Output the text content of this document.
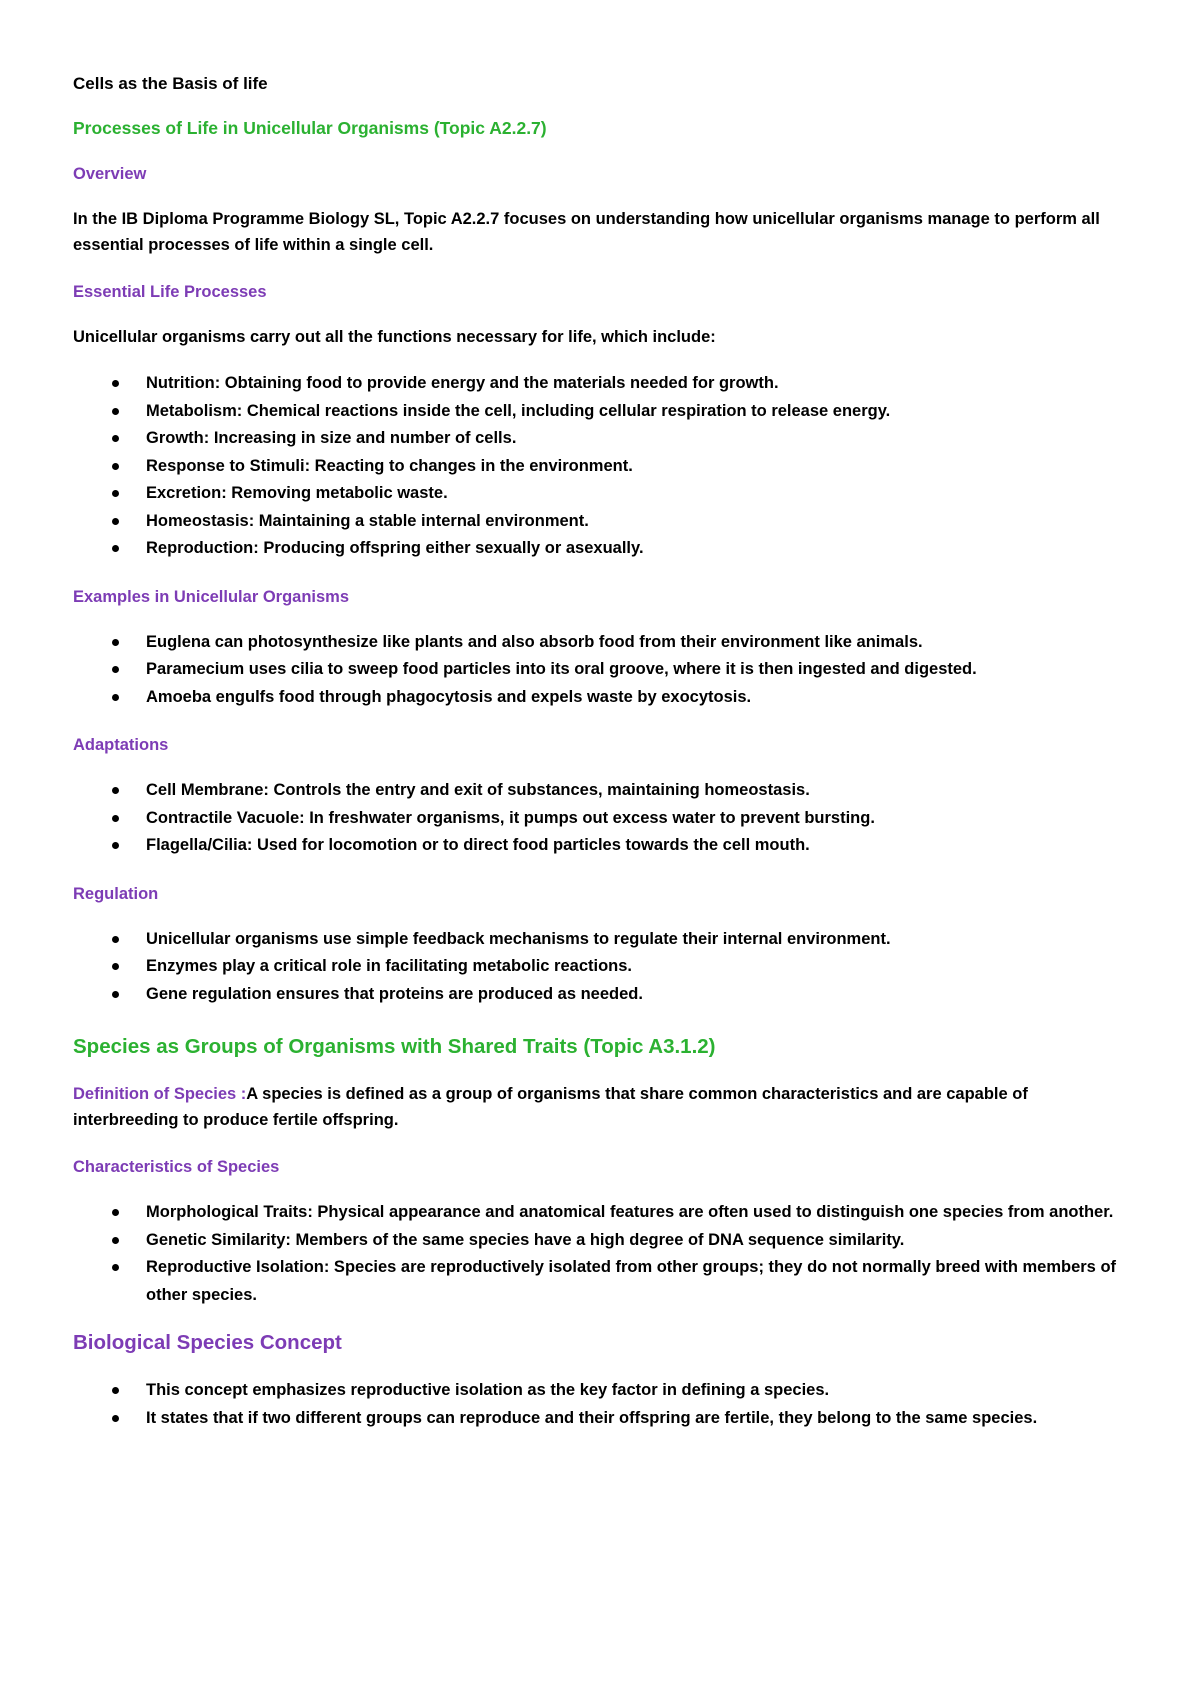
Cells as the Basis of life
Processes of Life in Unicellular Organisms (Topic A2.2.7)
Overview
In the IB Diploma Programme Biology SL, Topic A2.2.7 focuses on understanding how unicellular organisms manage to perform all essential processes of life within a single cell.
Essential Life Processes
Unicellular organisms carry out all the functions necessary for life, which include:
Nutrition: Obtaining food to provide energy and the materials needed for growth.
Metabolism: Chemical reactions inside the cell, including cellular respiration to release energy.
Growth: Increasing in size and number of cells.
Response to Stimuli: Reacting to changes in the environment.
Excretion: Removing metabolic waste.
Homeostasis: Maintaining a stable internal environment.
Reproduction: Producing offspring either sexually or asexually.
Examples in Unicellular Organisms
Euglena can photosynthesize like plants and also absorb food from their environment like animals.
Paramecium uses cilia to sweep food particles into its oral groove, where it is then ingested and digested.
Amoeba engulfs food through phagocytosis and expels waste by exocytosis.
Adaptations
Cell Membrane: Controls the entry and exit of substances, maintaining homeostasis.
Contractile Vacuole: In freshwater organisms, it pumps out excess water to prevent bursting.
Flagella/Cilia: Used for locomotion or to direct food particles towards the cell mouth.
Regulation
Unicellular organisms use simple feedback mechanisms to regulate their internal environment.
Enzymes play a critical role in facilitating metabolic reactions.
Gene regulation ensures that proteins are produced as needed.
Species as Groups of Organisms with Shared Traits (Topic A3.1.2)
Definition of Species :A species is defined as a group of organisms that share common characteristics and are capable of interbreeding to produce fertile offspring.
Characteristics of Species
Morphological Traits: Physical appearance and anatomical features are often used to distinguish one species from another.
Genetic Similarity: Members of the same species have a high degree of DNA sequence similarity.
Reproductive Isolation: Species are reproductively isolated from other groups; they do not normally breed with members of other species.
Biological Species Concept
This concept emphasizes reproductive isolation as the key factor in defining a species.
It states that if two different groups can reproduce and their offspring are fertile, they belong to the same species.
